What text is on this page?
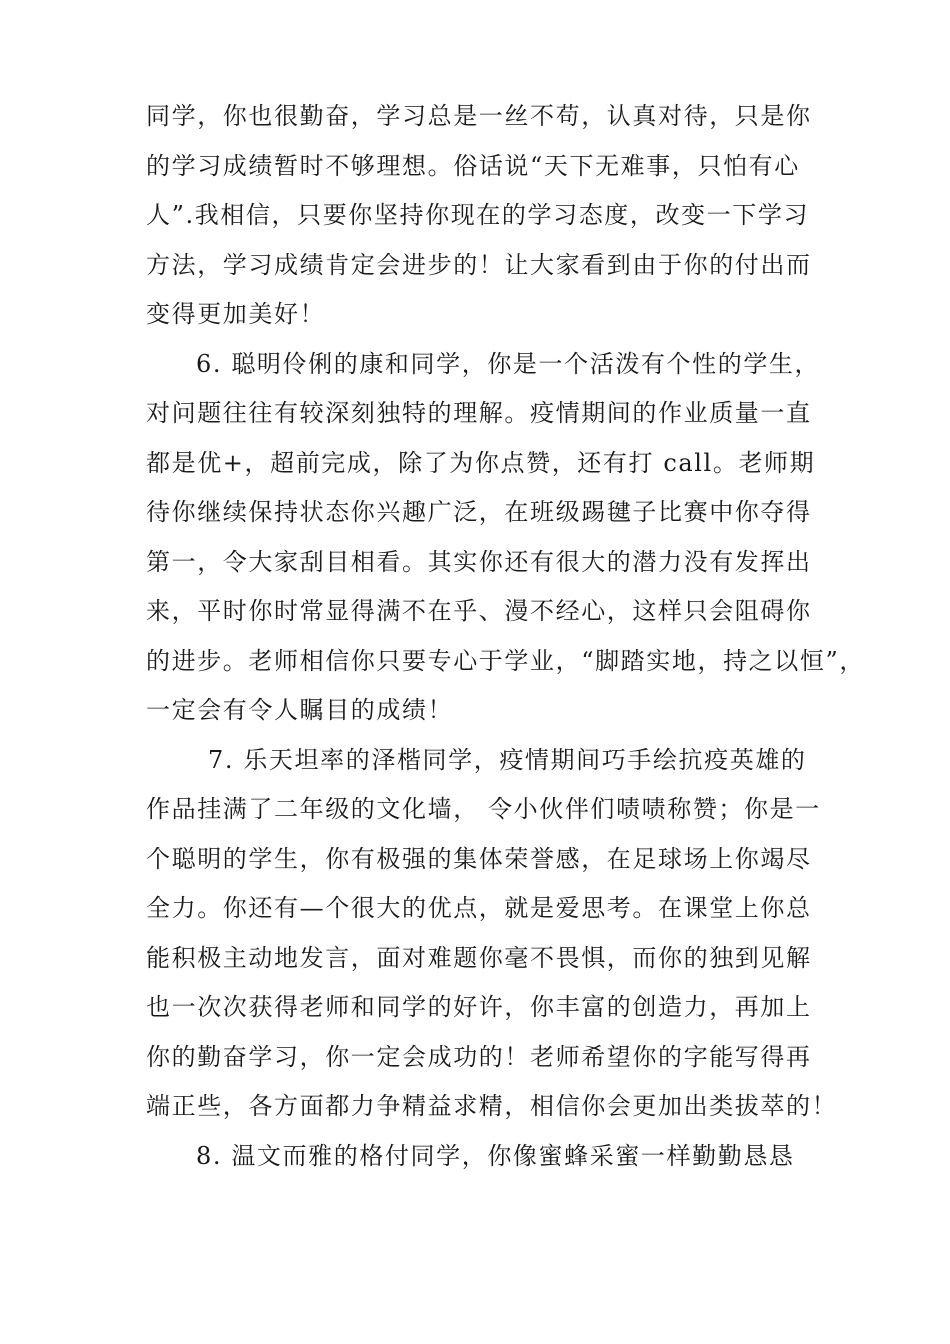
同学，你也很勤奋，学习总是一丝不苟，认真对待，只是你
的学习成绩暂时不够理想。俗话说“天下无难事，只怕有心
人”.我相信，只要你坚持你现在的学习态度，改变一下学习
方法，学习成绩肯定会进步的！让大家看到由于你的付出而
变得更加美好！
6. 聪明伶俐的康和同学，你是一个活泼有个性的学生，
对问题往往有较深刻独特的理解。疫情期间的作业质量一直
都是优+，超前完成，除了为你点赞，还有打 call。老师期
待你继续保持状态你兴趣广泛，在班级踢毽子比赛中你夺得
第一，令大家刮目相看。其实你还有很大的潜力没有发挥出
来，平时你时常显得满不在乎、漫不经心，这样只会阻碍你
的进步。老师相信你只要专心于学业，“脚踏实地，持之以恒”，
一定会有令人瞩目的成绩！
7. 乐天坦率的泽楷同学，疫情期间巧手绘抗疫英雄的
作品挂满了二年级的文化墙， 令小伙伴们啧啧称赞；你是一
个聪明的学生，你有极强的集体荣誉感，在足球场上你竭尽
全力。你还有—个很大的优点，就是爱思考。在课堂上你总
能积极主动地发言，面对难题你毫不畏惧，而你的独到见解
也一次次获得老师和同学的好许，你丰富的创造力，再加上
你的勤奋学习，你一定会成功的！老师希望你的字能写得再
端正些，各方面都力争精益求精，相信你会更加出类拔萃的！
8. 温文而雅的格付同学，你像蜜蜂采蜜一样勤勤恳恳
